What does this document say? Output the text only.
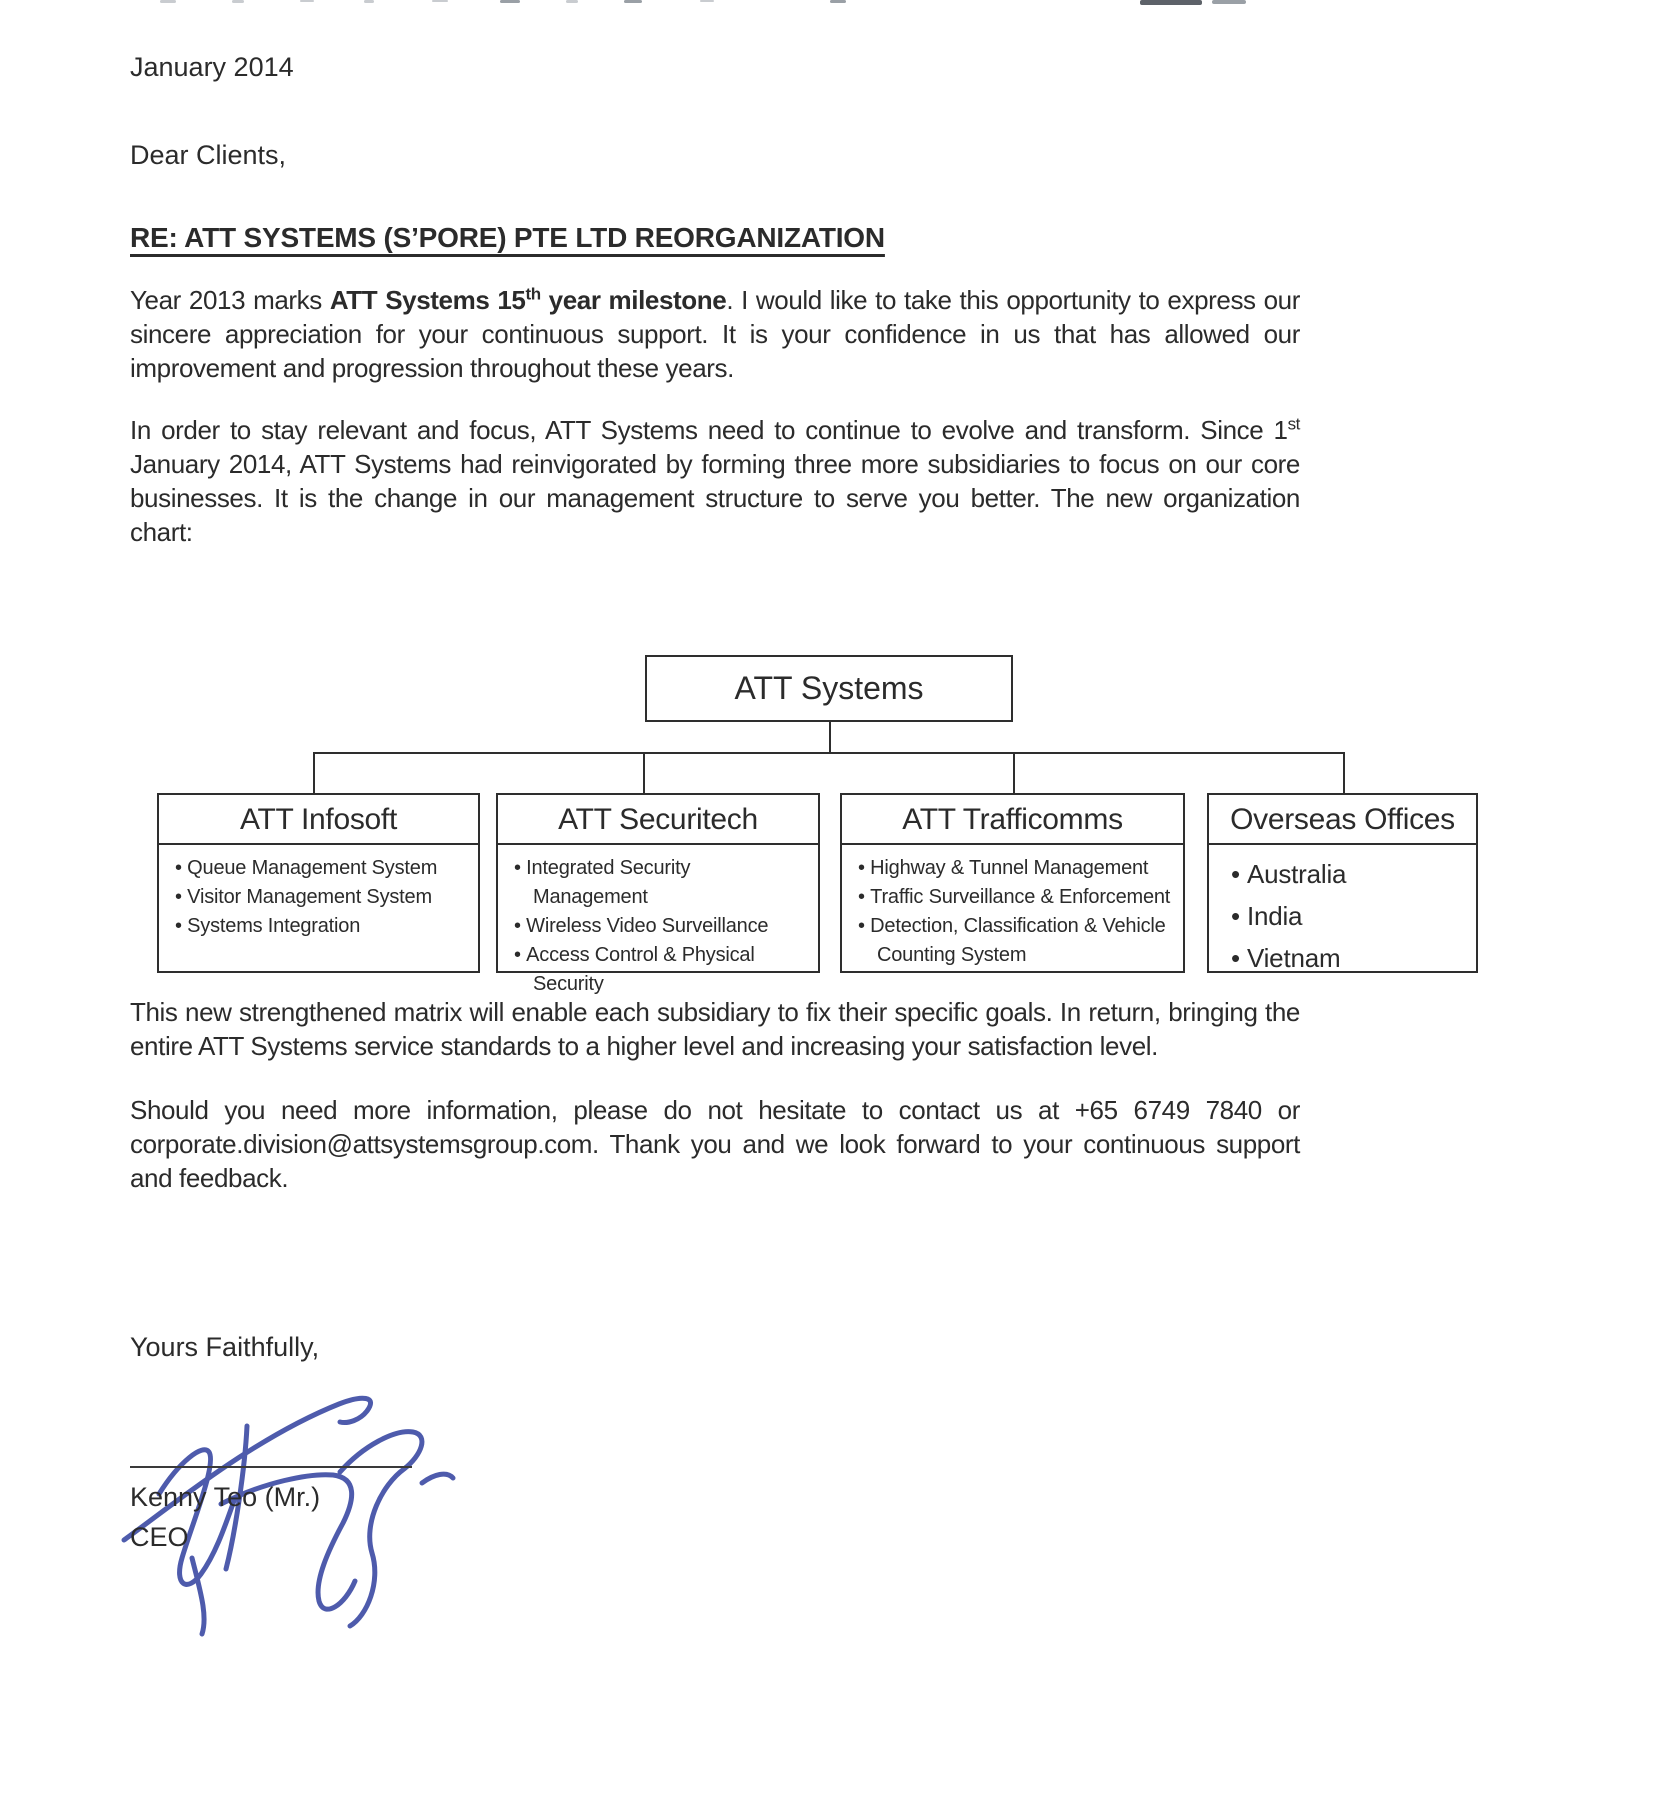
January 2014
Dear Clients,
RE: ATT SYSTEMS (S’PORE) PTE LTD REORGANIZATION

Year 2013 marks ATT Systems 15th year milestone. I would like to take this opportunity to express our sincere appreciation for your continuous support. It is your confidence in us that has allowed our improvement and progression throughout these years.

In order to stay relevant and focus, ATT Systems need to continue to evolve and transform. Since 1st January 2014, ATT Systems had reinvigorated by forming three more subsidiaries to focus on our core businesses. It is the change in our management structure to serve you better. The new organization chart:

ATT Systems
ATT Infosoft
• Queue Management System
• Visitor Management System
• Systems Integration
ATT Securitech
• Integrated Security Management
• Wireless Video Surveillance
• Access Control & Physical Security
ATT Trafficomms
• Highway & Tunnel Management
• Traffic Surveillance & Enforcement
• Detection, Classification & Vehicle Counting System
Overseas Offices
• Australia
• India
• Vietnam

This new strengthened matrix will enable each subsidiary to fix their specific goals. In return, bringing the entire ATT Systems service standards to a higher level and increasing your satisfaction level.

Should you need more information, please do not hesitate to contact us at +65 6749 7840 or corporate.division@attsystemsgroup.com. Thank you and we look forward to your continuous support and feedback.

Yours Faithfully,
Kenny Teo (Mr.)
CEO
